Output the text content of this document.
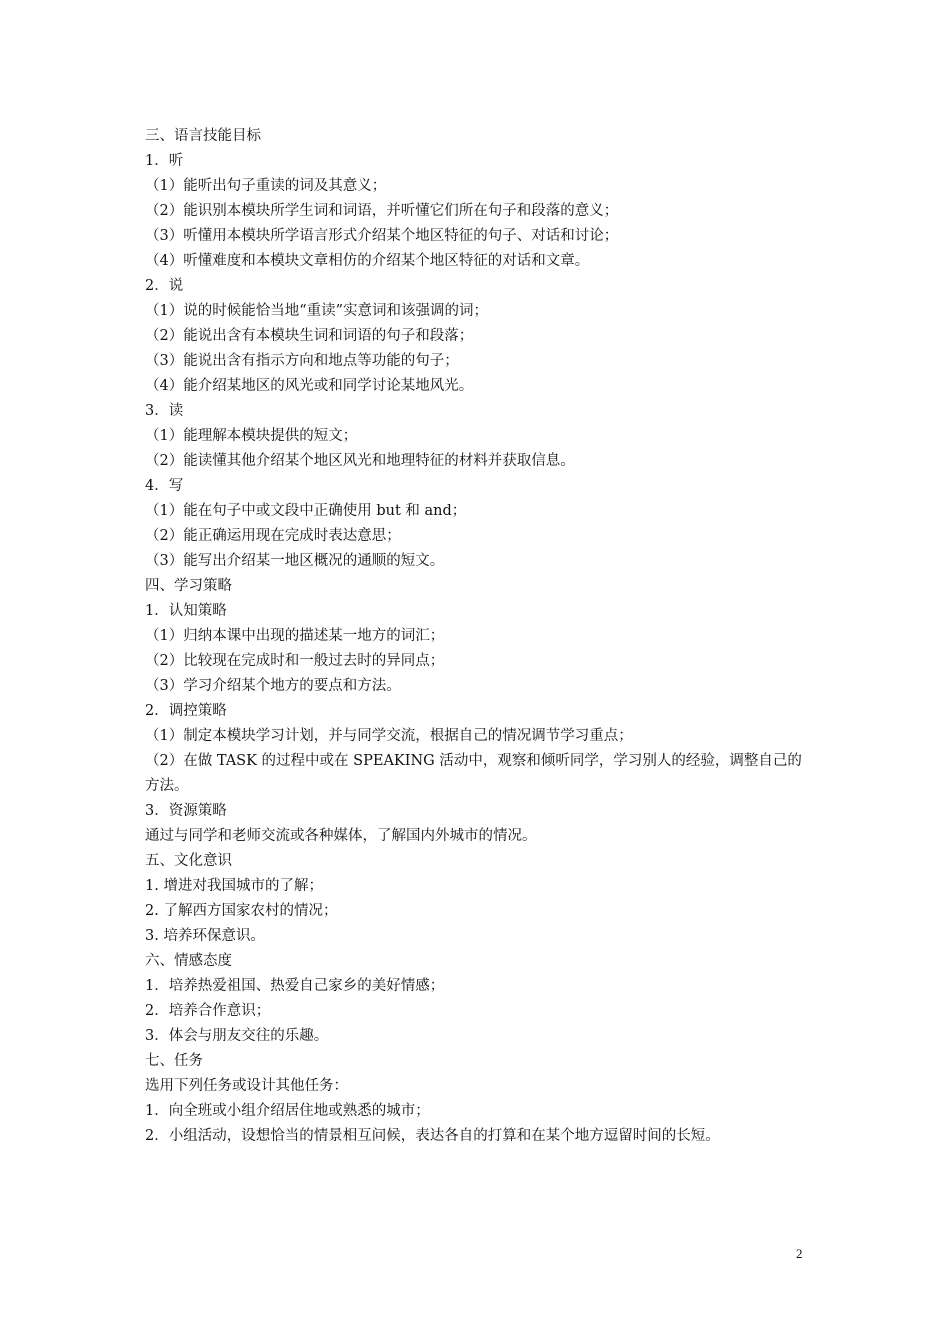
三、语言技能目标
1．听
（1）能听出句子重读的词及其意义；
（2）能识别本模块所学生词和词语，并听懂它们所在句子和段落的意义；
（3）听懂用本模块所学语言形式介绍某个地区特征的句子、对话和讨论；
（4）听懂难度和本模块文章相仿的介绍某个地区特征的对话和文章。
2．说
（1）说的时候能恰当地“重读”实意词和该强调的词；
（2）能说出含有本模块生词和词语的句子和段落；
（3）能说出含有指示方向和地点等功能的句子；
（4）能介绍某地区的风光或和同学讨论某地风光。
3．读
（1）能理解本模块提供的短文；
（2）能读懂其他介绍某个地区风光和地理特征的材料并获取信息。
4．写
（1）能在句子中或文段中正确使用 but 和 and；
（2）能正确运用现在完成时表达意思；
（3）能写出介绍某一地区概况的通顺的短文。
四、学习策略
1．认知策略
（1）归纳本课中出现的描述某一地方的词汇；
（2）比较现在完成时和一般过去时的异同点；
（3）学习介绍某个地方的要点和方法。
2．调控策略
（1）制定本模块学习计划，并与同学交流，根据自己的情况调节学习重点；
（2）在做 TASK 的过程中或在 SPEAKING 活动中，观察和倾听同学，学习别人的经验，调整自己的方法。
3．资源策略
通过与同学和老师交流或各种媒体，了解国内外城市的情况。
五、文化意识
1. 增进对我国城市的了解；
2. 了解西方国家农村的情况；
3. 培养环保意识。
六、情感态度
1．培养热爱祖国、热爱自己家乡的美好情感；
2．培养合作意识；
3．体会与朋友交往的乐趣。
七、任务
选用下列任务或设计其他任务：
1．向全班或小组介绍居住地或熟悉的城市；
2．小组活动，设想恰当的情景相互问候，表达各自的打算和在某个地方逗留时间的长短。
2
